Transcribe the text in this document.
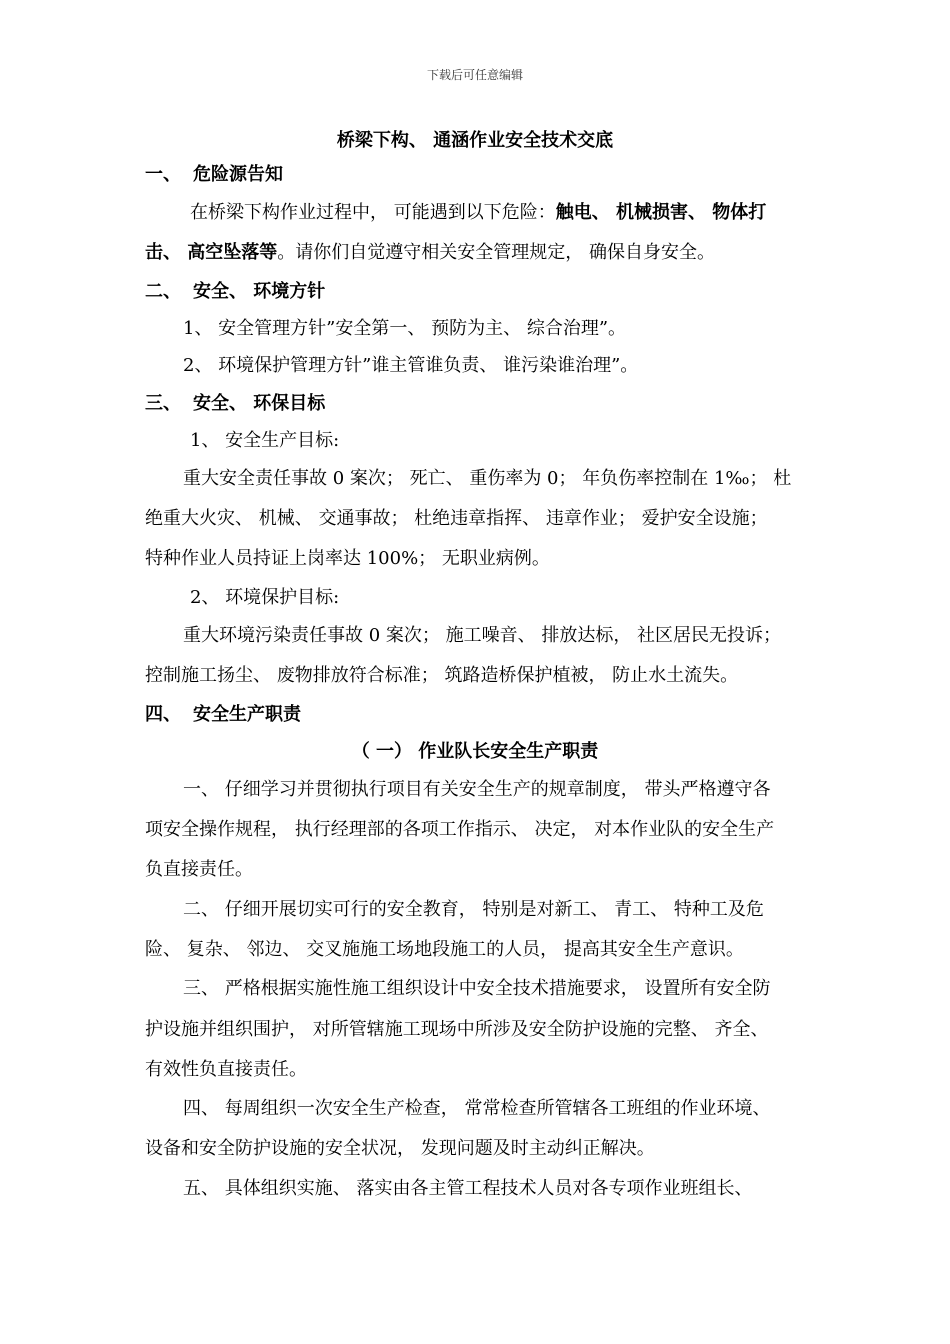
下载后可任意编辑
桥梁下构、 通涵作业安全技术交底
一、 危险源告知
在桥梁下构作业过程中， 可能遇到以下危险：触电、 机械损害、 物体打
击、 高空坠落等。请你们自觉遵守相关安全管理规定， 确保自身安全。
二、 安全、 环境方针
1、 安全管理方针”安全第一、 预防为主、 综合治理”。
2、 环境保护管理方针”谁主管谁负责、 谁污染谁治理”。
三、 安全、 环保目标
1、 安全生产目标:
重大安全责任事故 0 案次； 死亡、 重伤率为 0； 年负伤率控制在 1‰； 杜
绝重大火灾、 机械、 交通事故； 杜绝违章指挥、 违章作业； 爱护安全设施；
特种作业人员持证上岗率达 100%； 无职业病例。
2、 环境保护目标:
重大环境污染责任事故 0 案次； 施工噪音、 排放达标， 社区居民无投诉；
控制施工扬尘、 废物排放符合标准； 筑路造桥保护植被， 防止水土流失。
四、 安全生产职责
（ 一） 作业队长安全生产职责
一、 仔细学习并贯彻执行项目有关安全生产的规章制度， 带头严格遵守各
项安全操作规程， 执行经理部的各项工作指示、 决定， 对本作业队的安全生产
负直接责任。
二、 仔细开展切实可行的安全教育， 特别是对新工、 青工、 特种工及危
险、 复杂、 邻边、 交叉施施工场地段施工的人员， 提高其安全生产意识。
三、 严格根据实施性施工组织设计中安全技术措施要求， 设置所有安全防
护设施并组织围护， 对所管辖施工现场中所涉及安全防护设施的完整、 齐全、
有效性负直接责任。
四、 每周组织一次安全生产检查， 常常检查所管辖各工班组的作业环境、
设备和安全防护设施的安全状况， 发现问题及时主动纠正解决。
五、 具体组织实施、 落实由各主管工程技术人员对各专项作业班组长、
